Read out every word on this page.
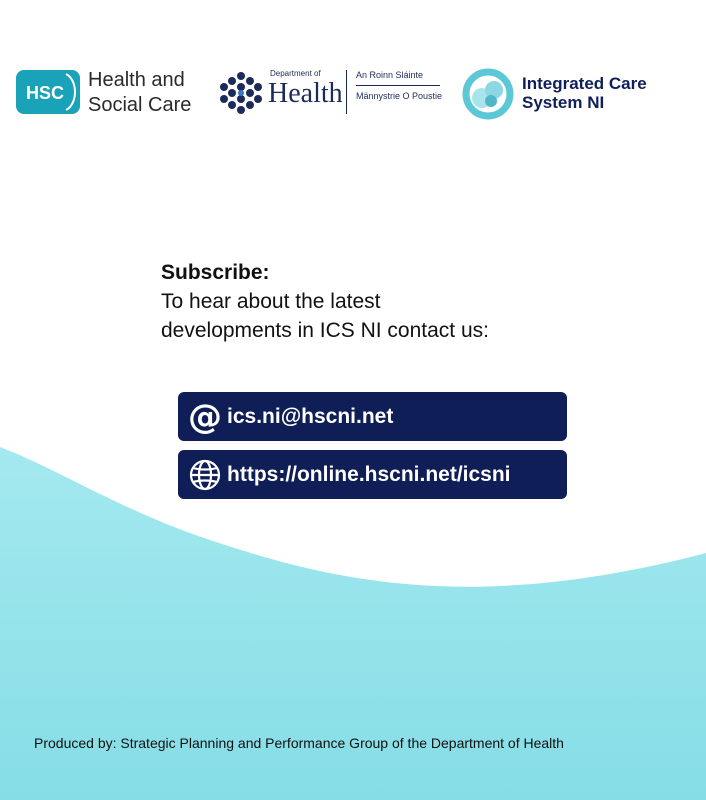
HSC
Health and
Social Care
Department of
Health
An Roinn Sláinte
Männystrie O Poustie
Integrated Care
System NI
Subscribe:
To hear about the latest
developments in ICS NI contact us:
@ ics.ni@hscni.net
https://online.hscni.net/icsni
Produced by: Strategic Planning and Performance Group of the Department of Health
